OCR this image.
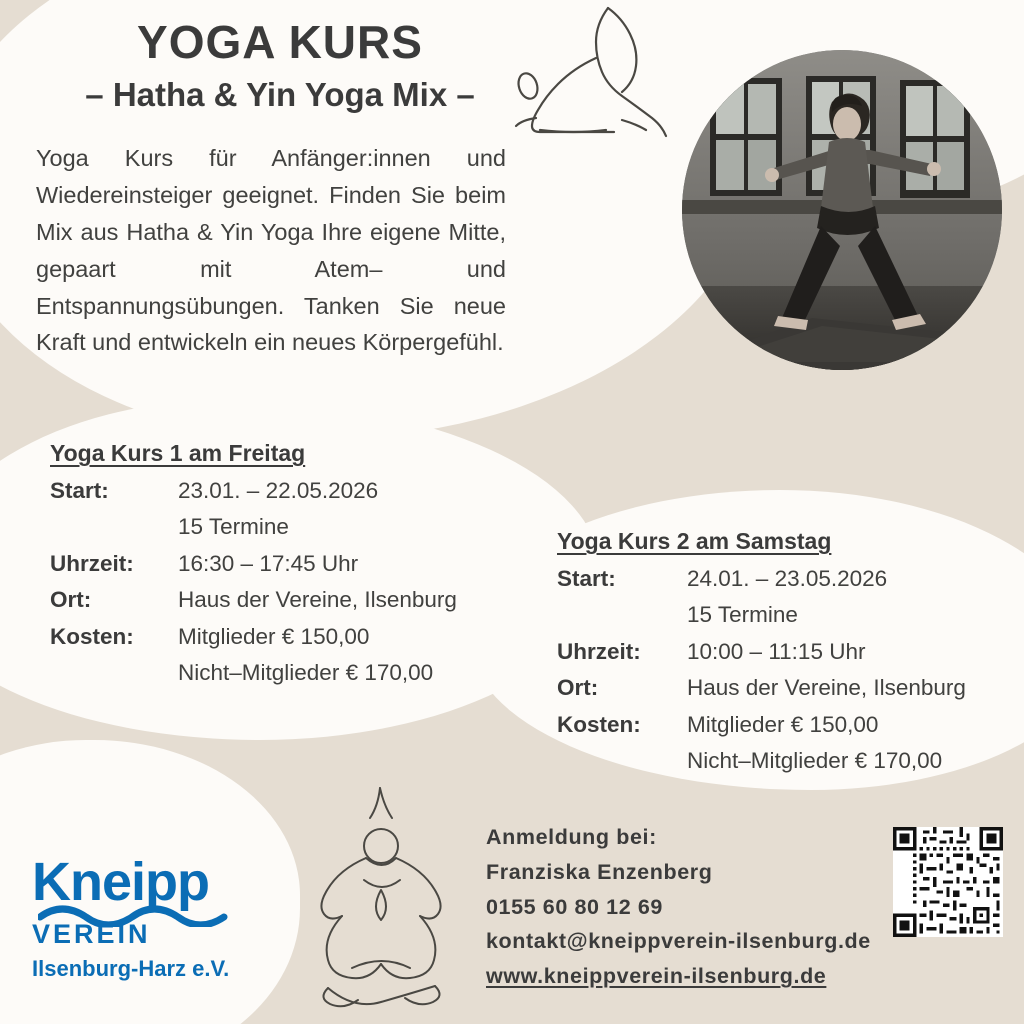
YOGA KURS
– Hatha & Yin Yoga Mix –
Yoga Kurs für Anfänger:innen und Wiedereinsteiger geeignet. Finden Sie beim Mix aus Hatha & Yin Yoga Ihre eigene Mitte, gepaart mit Atem– und Entspannungsübungen. Tanken Sie neue Kraft und entwickeln ein neues Körpergefühl.
Yoga Kurs 1 am Freitag
Start:	23.01. – 22.05.2026
15 Termine
Uhrzeit:	16:30 – 17:45 Uhr
Ort:	Haus der Vereine, Ilsenburg
Kosten:	Mitglieder € 150,00
Nicht–Mitglieder € 170,00
Yoga Kurs 2 am Samstag
Start:	24.01. – 23.05.2026
15 Termine
Uhrzeit:	10:00 – 11:15 Uhr
Ort:	Haus der Vereine, Ilsenburg
Kosten:	Mitglieder € 150,00
Nicht–Mitglieder € 170,00
Anmeldung bei:
Franziska Enzenberg
0155 60 80 12 69
kontakt@kneippverein-ilsenburg.de
www.kneippverein-ilsenburg.de
Kneipp
VEREIN
Ilsenburg-Harz e.V.
